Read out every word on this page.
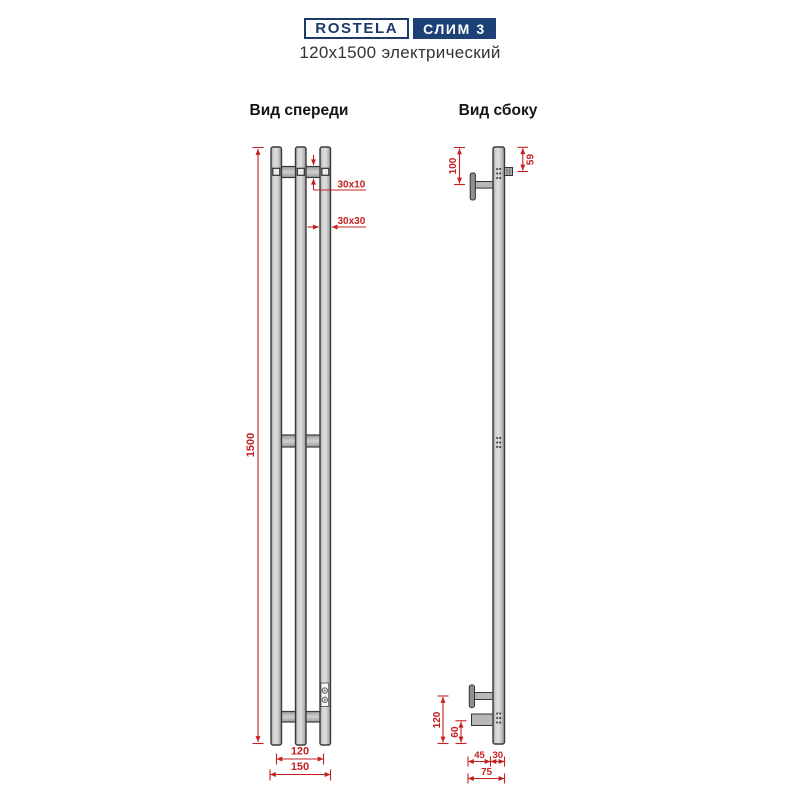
ROSTELA СЛИМ 3
120x1500 электрический
Вид спереди	Вид сбоку
1500
30x10
30x30
120
150
100	59
120
60
45 30
75
